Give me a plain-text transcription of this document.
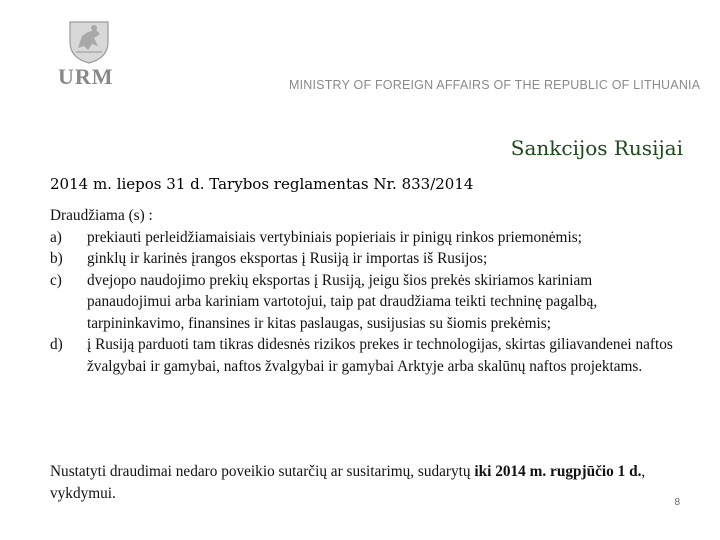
URM	MINISTRY OF FOREIGN AFFAIRS OF THE REPUBLIC OF LITHUANIA
Sankcijos Rusijai
2014 m. liepos 31 d. Tarybos reglamentas Nr. 833/2014

Draudžiama (s) :

a)	prekiauti perleidžiamaisiais vertybiniais popieriais ir pinigų rinkos priemonėmis;
b)	ginklų ir karinės įrangos eksportas į Rusiją ir importas iš Rusijos;
c)	dvejopo naudojimo prekių eksportas į Rusiją, jeigu šios prekės skiriamos kariniam panaudojimui arba kariniam vartotojui, taip pat draudžiama teikti techninę pagalbą, tarpininkavimo, finansines ir kitas paslaugas, susijusias su šiomis prekėmis;
d)	į Rusiją parduoti tam tikras didesnės rizikos prekes ir technologijas, skirtas giliavandenei naftos žvalgybai ir gamybai, naftos žvalgybai ir gamybai Arktyje arba skalūnų naftos projektams.
Nustatyti draudimai nedaro poveikio sutarčių ar susitarimų, sudarytų iki 2014 m. rugpjūčio 1 d., vykdymui.
8
